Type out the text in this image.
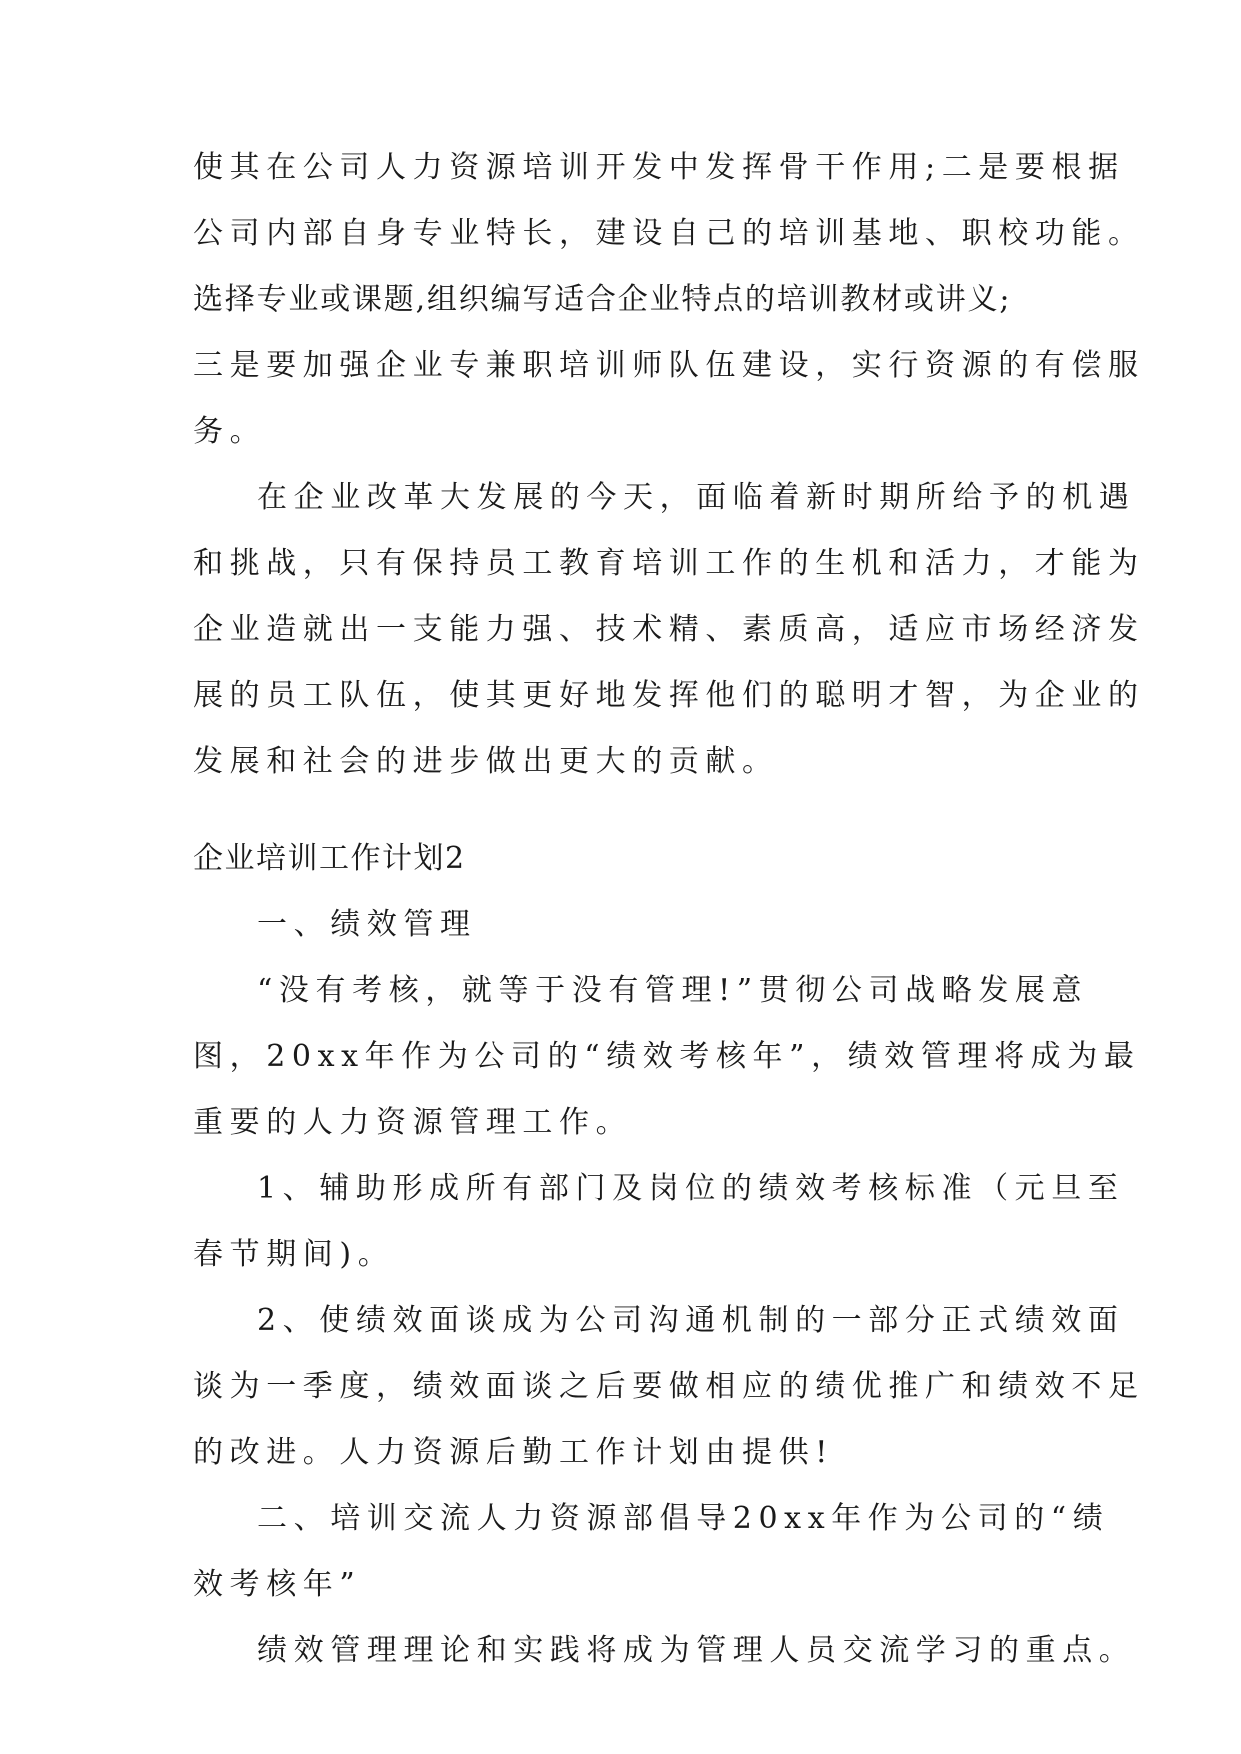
使其在公司人力资源培训开发中发挥骨干作用;二是要根据
公司内部自身专业特长，建设自己的培训基地、职校功能。
选择专业或课题,组织编写适合企业特点的培训教材或讲义;
三是要加强企业专兼职培训师队伍建设，实行资源的有偿服
务。
在企业改革大发展的今天，面临着新时期所给予的机遇
和挑战，只有保持员工教育培训工作的生机和活力，才能为
企业造就出一支能力强、技术精、素质高，适应市场经济发
展的员工队伍，使其更好地发挥他们的聪明才智，为企业的
发展和社会的进步做出更大的贡献。
企业培训工作计划2
一、绩效管理
“没有考核，就等于没有管理!”贯彻公司战略发展意
图，20xx年作为公司的“绩效考核年”，绩效管理将成为最
重要的人力资源管理工作。
1、辅助形成所有部门及岗位的绩效考核标准（元旦至
春节期间)。
2、使绩效面谈成为公司沟通机制的一部分正式绩效面
谈为一季度，绩效面谈之后要做相应的绩优推广和绩效不足
的改进。人力资源后勤工作计划由提供!
二、培训交流人力资源部倡导20xx年作为公司的“绩
效考核年”
绩效管理理论和实践将成为管理人员交流学习的重点。
